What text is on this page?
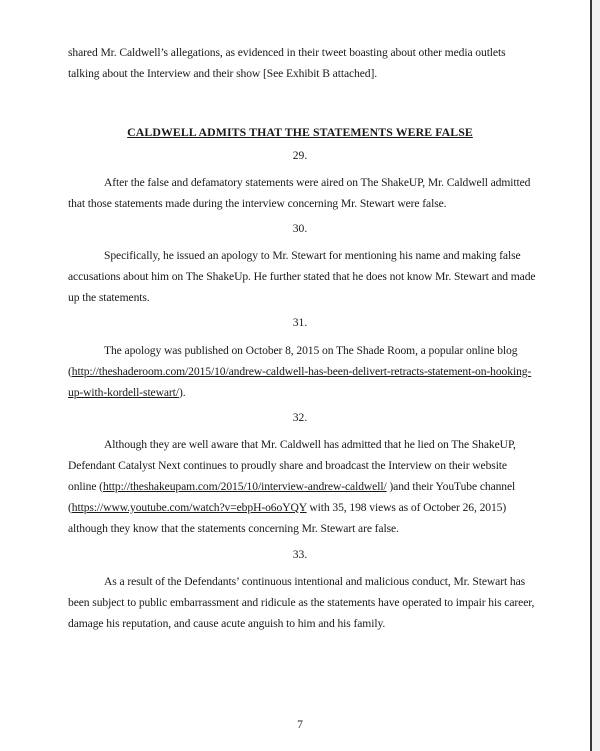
shared Mr. Caldwell’s allegations, as evidenced in their tweet boasting about other media outlets

talking about the Interview and their show [See Exhibit B attached].

CALDWELL ADMITS THAT THE STATEMENTS WERE FALSE
29.

After the false and defamatory statements were aired on The ShakeUP, Mr. Caldwell admitted that those statements made during the interview concerning Mr. Stewart were false.

30.

Specifically, he issued an apology to Mr. Stewart for mentioning his name and making false accusations about him on The ShakeUp. He further stated that he does not know Mr. Stewart and made up the statements.

31.

The apology was published on October 8, 2015 on The Shade Room, a popular online blog (http://theshaderoom.com/2015/10/andrew-caldwell-has-been-delivert-retracts-statement-on-hooking-up-with-kordell-stewart/).

32.

Although they are well aware that Mr. Caldwell has admitted that he lied on The ShakeUP, Defendant Catalyst Next continues to proudly share and broadcast the Interview on their website online (http://theshakeupam.com/2015/10/interview-andrew-caldwell/ )and their YouTube channel (https://www.youtube.com/watch?v=ebpH-o6oYQY with 35, 198 views as of October 26, 2015) although they know that the statements concerning Mr. Stewart are false.

33.

As a result of the Defendants’ continuous intentional and malicious conduct, Mr. Stewart has been subject to public embarrassment and ridicule as the statements have operated to impair his career, damage his reputation, and cause acute anguish to him and his family.

7
